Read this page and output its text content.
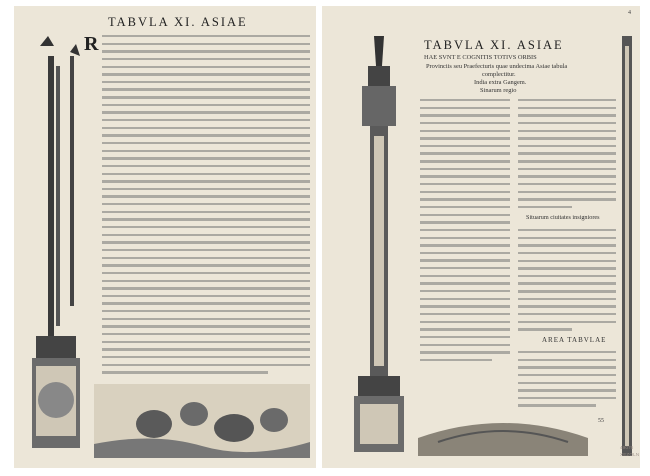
TABVLA XI. ASIAE
R	TABVLA XI. ASIAE
HAE SVNT E COGNITIS TOTIVS ORBIS
Provinciis seu Praefecturis quae undecima Asiae tabula
complectitur.
India extra Gangem.
Sinarum regio
Situarum ciuitates insigniores
AREA TABVLAE
55
4
49076
XEZOLN
